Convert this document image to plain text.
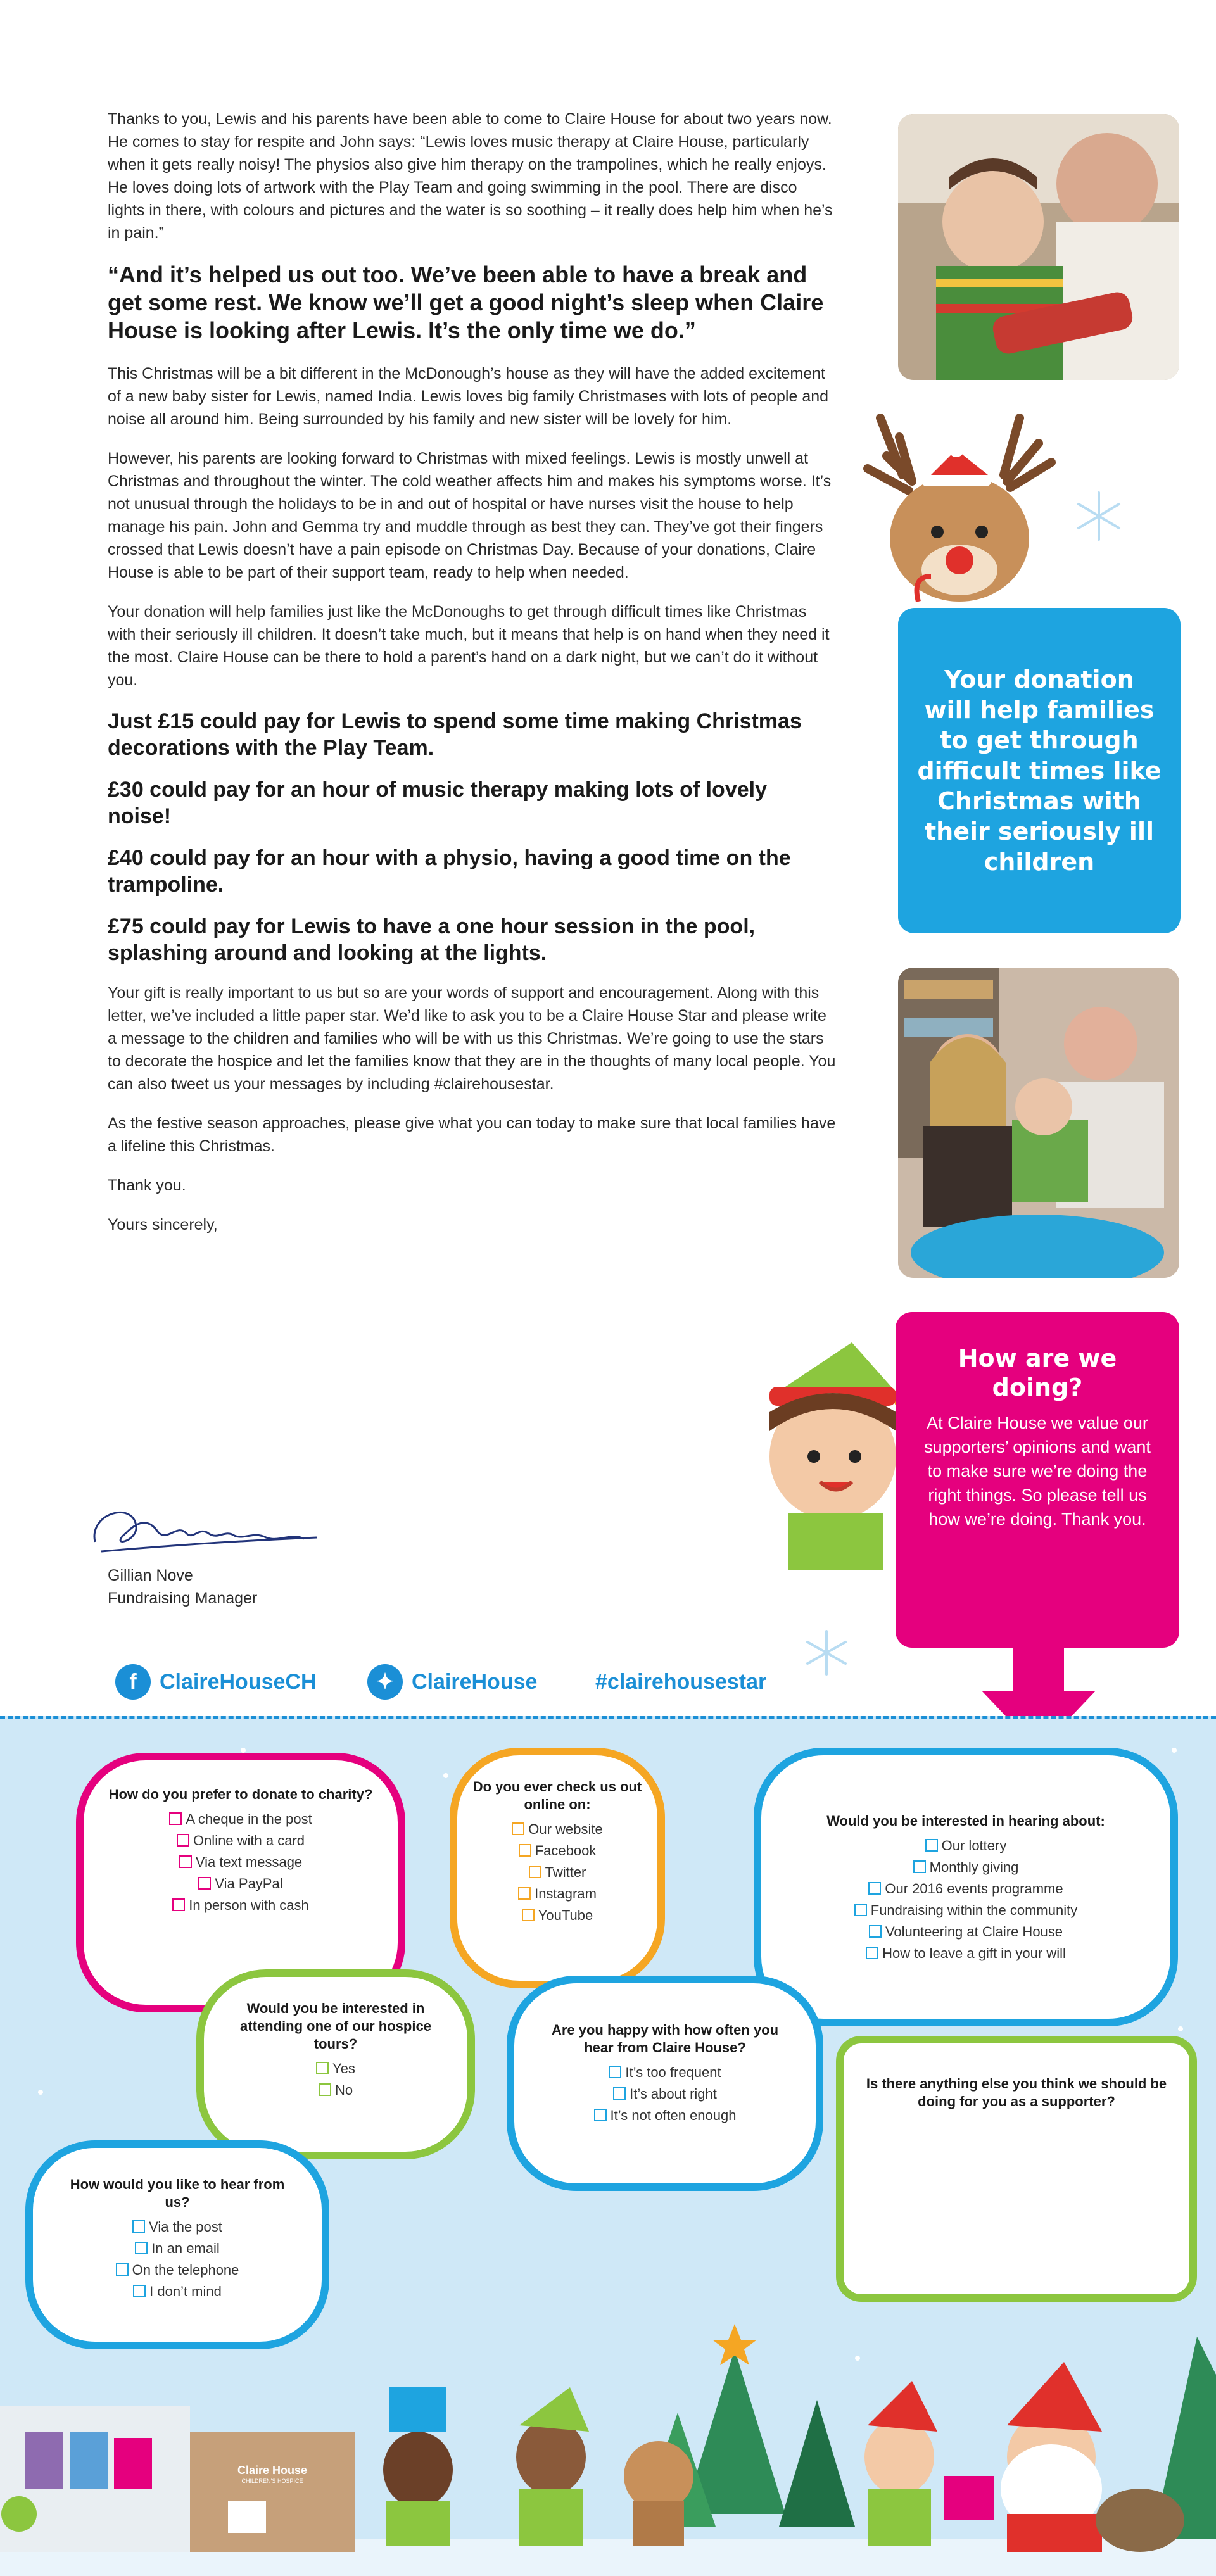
Thanks to you, Lewis and his parents have been able to come to Claire House for about two years now. He comes to stay for respite and John says: “Lewis loves music therapy at Claire House, particularly when it gets really noisy! The physios also give him therapy on the trampolines, which he really enjoys. He loves doing lots of artwork with the Play Team and going swimming in the pool. There are disco lights in there, with colours and pictures and the water is so soothing – it really does help him when he’s in pain.”

“And it’s helped us out too. We’ve been able to have a break and get some rest. We know we’ll get a good night’s sleep when Claire House is looking after Lewis. It’s the only time we do.”

This Christmas will be a bit different in the McDonough’s house as they will have the added excitement of a new baby sister for Lewis, named India. Lewis loves big family Christmases with lots of people and noise all around him. Being surrounded by his family and new sister will be lovely for him.

However, his parents are looking forward to Christmas with mixed feelings. Lewis is mostly unwell at Christmas and throughout the winter. The cold weather affects him and makes his symptoms worse. It’s not unusual through the holidays to be in and out of hospital or have nurses visit the house to help manage his pain. John and Gemma try and muddle through as best they can. They’ve got their fingers crossed that Lewis doesn’t have a pain episode on Christmas Day. Because of your donations, Claire House is able to be part of their support team, ready to help when needed.

Your donation will help families just like the McDonoughs to get through difficult times like Christmas with their seriously ill children. It doesn’t take much, but it means that help is on hand when they need it the most. Claire House can be there to hold a parent’s hand on a dark night, but we can’t do it without you.

Just £15 could pay for Lewis to spend some time making Christmas decorations with the Play Team.

£30 could pay for an hour of music therapy making lots of lovely noise!

£40 could pay for an hour with a physio, having a good time on the trampoline.

£75 could pay for Lewis to have a one hour session in the pool, splashing around and looking at the lights.

Your gift is really important to us but so are your words of support and encouragement. Along with this letter, we’ve included a little paper star. We’d like to ask you to be a Claire House Star and please write a message to the children and families who will be with us this Christmas. We’re going to use the stars to decorate the hospice and let the families know that they are in the thoughts of many local people. You can also tweet us your messages by including #clairehousestar.

As the festive season approaches, please give what you can today to make sure that local families have a lifeline this Christmas.

Thank you.

Yours sincerely,

Gillian Nove
Fundraising Manager
Your donation will help families to get through difficult times like Christmas with their seriously ill children
How are we doing?
At Claire House we value our supporters’ opinions and want to make sure we’re doing the right things. So please tell us how we’re doing. Thank you.
f	ClaireHouseCH	✦ ClaireHouse	#clairehousestar
How do you prefer to donate to charity?
A cheque in the post
Online with a card
Via text message
Via PayPal
In person with cash
Do you ever check us out online on:
Our website
Facebook
Twitter
Instagram
YouTube
Would you be interested in hearing about:
Our lottery
Monthly giving
Our 2016 events programme
Fundraising within the community
Volunteering at Claire House
How to leave a gift in your will
Would you be interested in attending one of our hospice tours?
Yes
No
Are you happy with how often you hear from Claire House?
It’s too frequent
It’s about right
It’s not often enough
Is there anything else you think we should be doing for you as a supporter?
How would you like to hear from us?
Via the post
In an email
On the telephone
I don’t mind
Claire House
CHILDREN’S HOSPICE
